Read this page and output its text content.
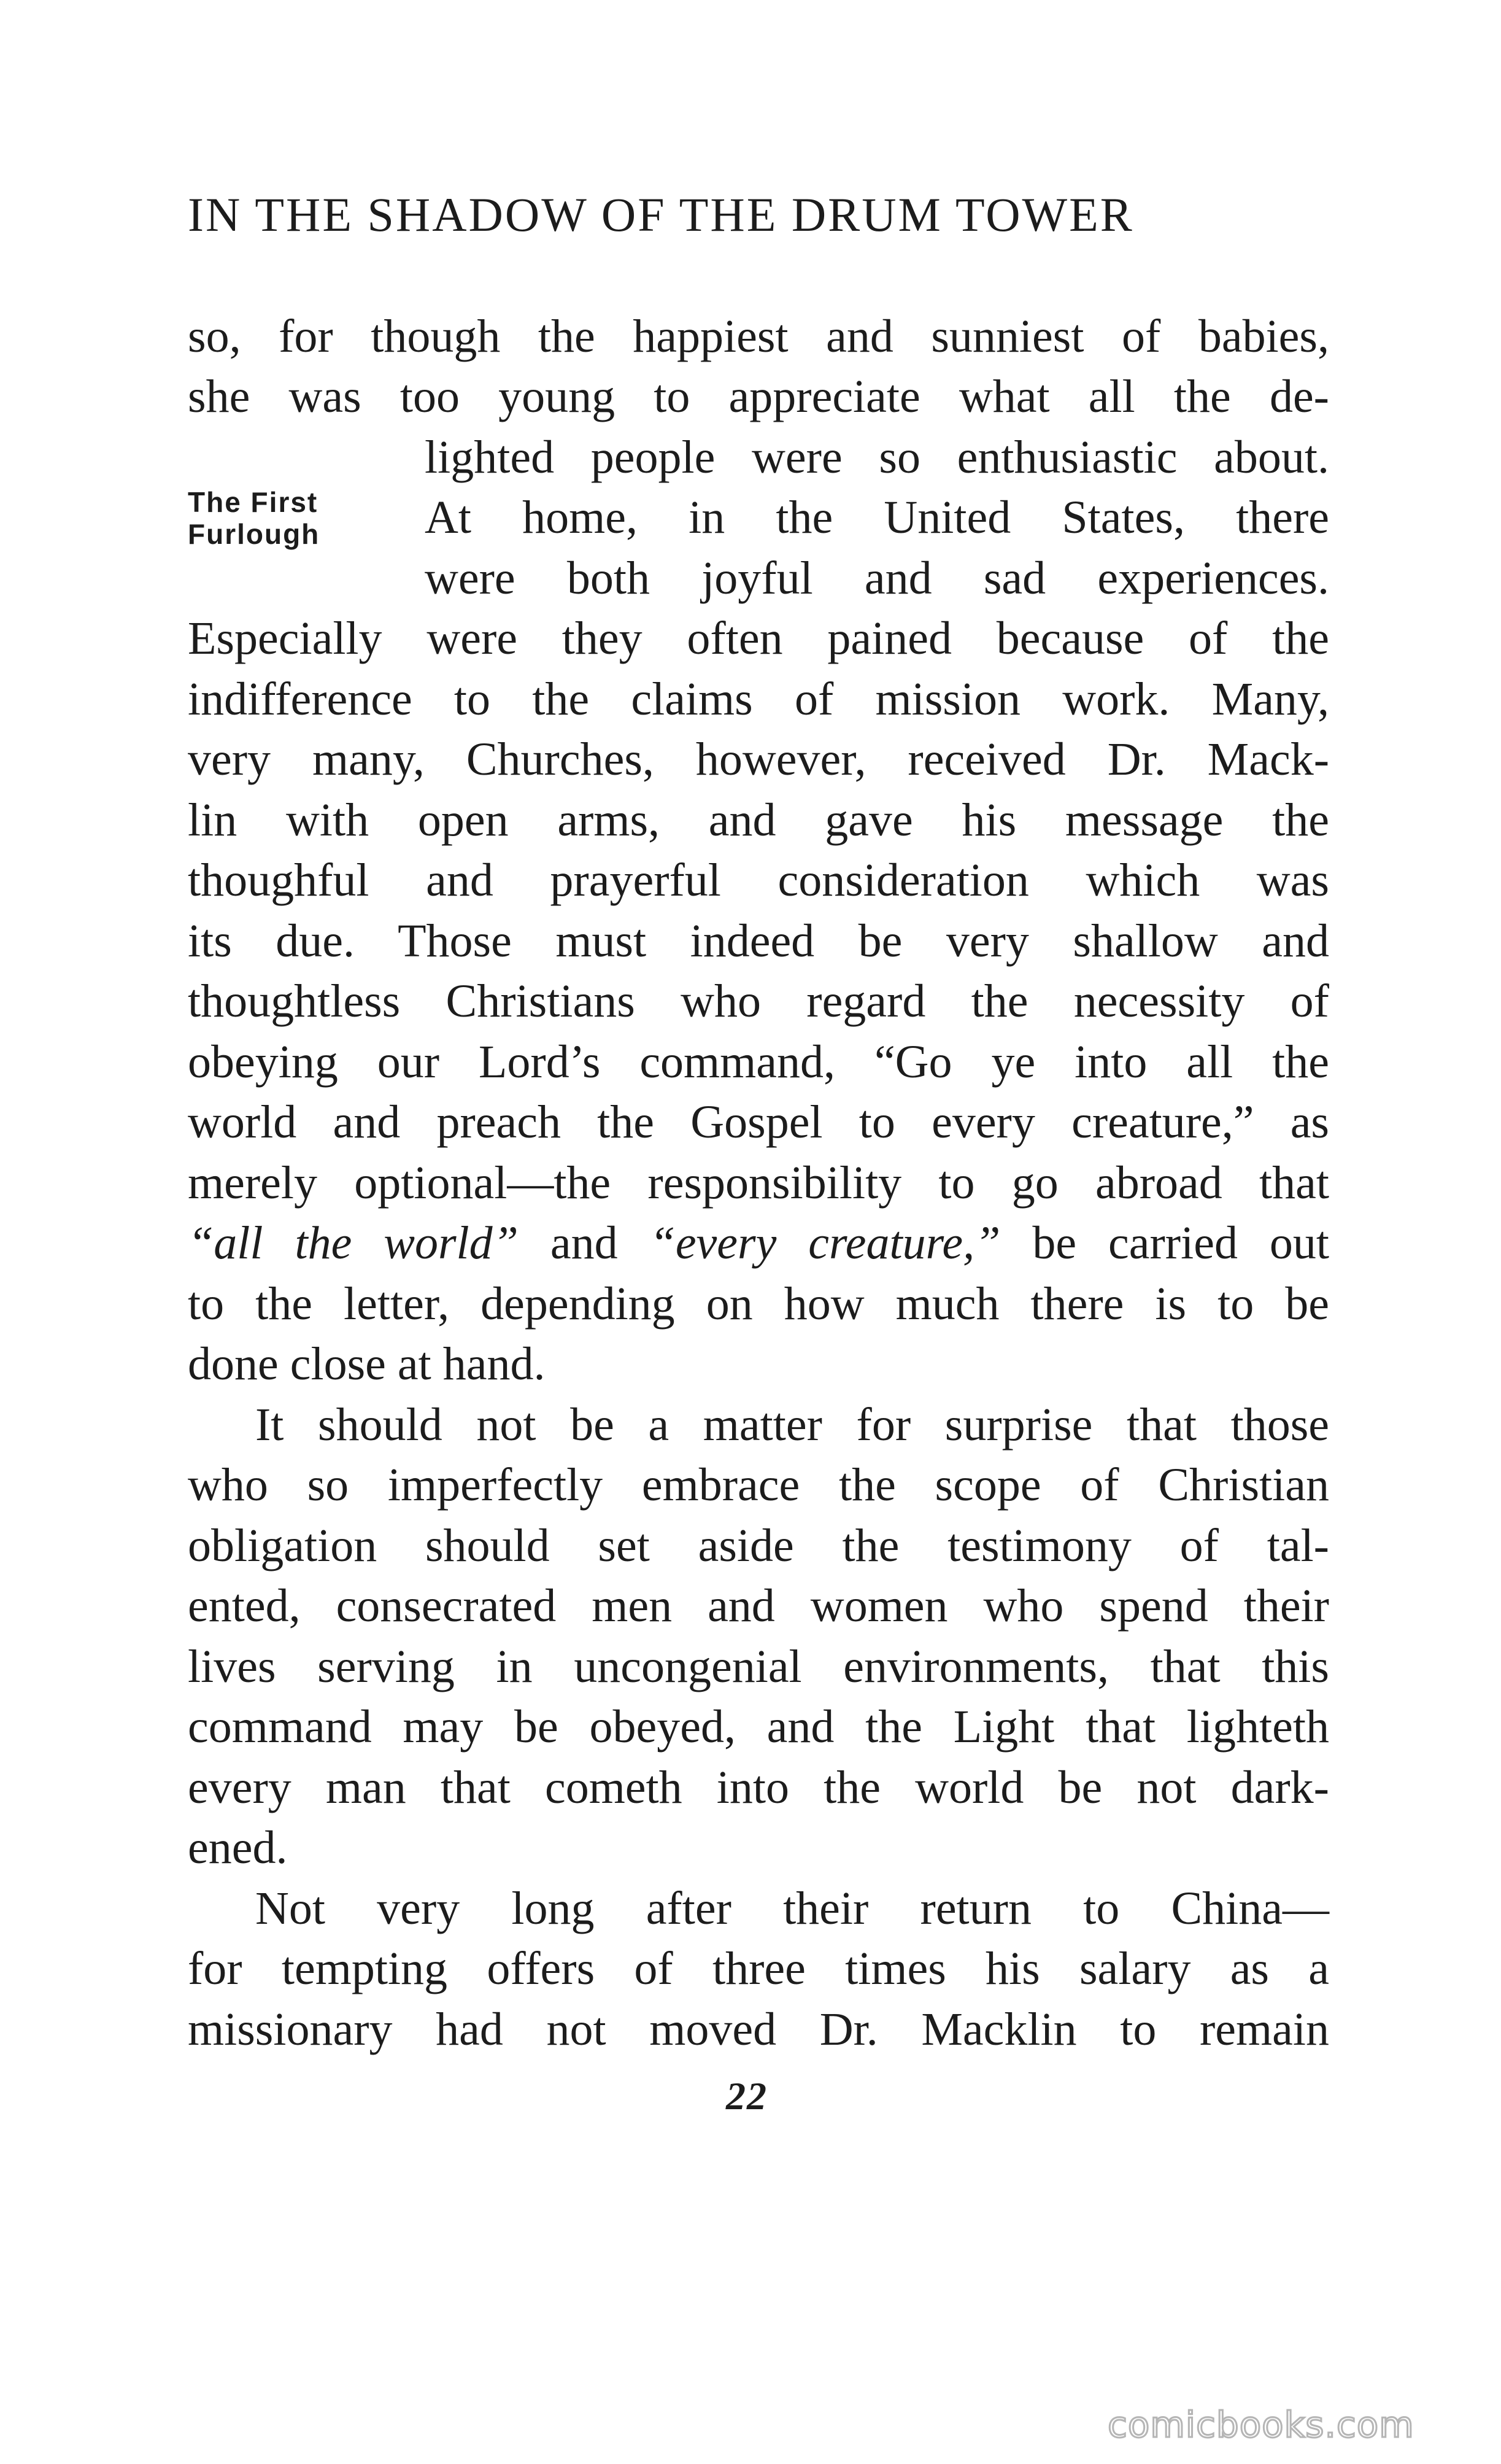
IN THE SHADOW OF THE DRUM TOWER
The First
Furlough
so, for though the happiest and sunniest of babies,
she was too young to appreciate what all the de-
lighted people were so enthusiastic about.
At home, in the United States, there
were both joyful and sad experiences.
Especially were they often pained because of the
indifference to the claims of mission work. Many,
very many, Churches, however, received Dr. Mack-
lin with open arms, and gave his message the
thoughful and prayerful consideration which was
its due. Those must indeed be very shallow and
thoughtless Christians who regard the necessity of
obeying our Lord’s command, “Go ye into all the
world and preach the Gospel to every creature,” as
merely optional—the responsibility to go abroad that
“all the world” and “every creature,” be carried out
to the letter, depending on how much there is to be
done close at hand.
It should not be a matter for surprise that those
who so imperfectly embrace the scope of Christian
obligation should set aside the testimony of tal-
ented, consecrated men and women who spend their
lives serving in uncongenial environments, that this
command may be obeyed, and the Light that lighteth
every man that cometh into the world be not dark-
ened.
Not very long after their return to China—
for tempting offers of three times his salary as a
missionary had not moved Dr. Macklin to remain
22
comicbooks.com
